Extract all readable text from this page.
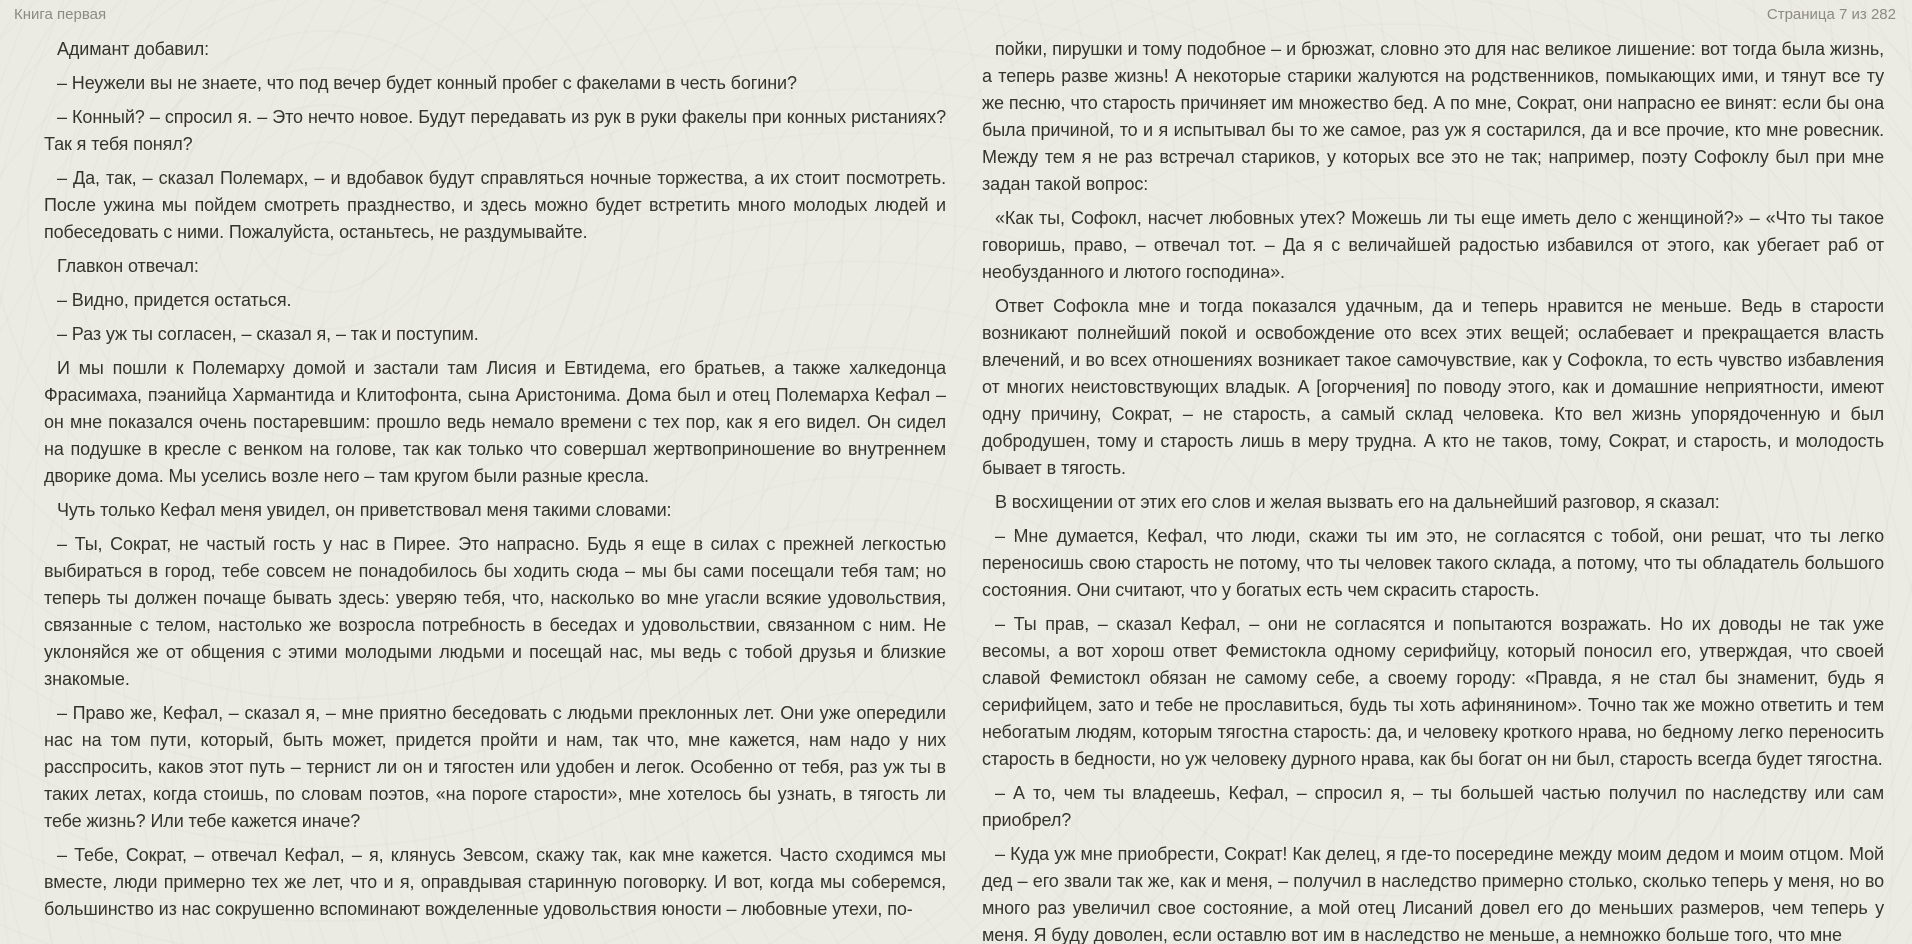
Книга первая	Страница 7 из 282

Адимант добавил:

– Неужели вы не знаете, что под вечер будет конный пробег с факелами в честь богини?

– Конный? – спросил я. – Это нечто новое. Будут передавать из рук в руки факелы при конных ристаниях? Так я тебя понял?

– Да, так, – сказал Полемарх, – и вдобавок будут справляться ночные торжества, а их стоит посмотреть. После ужина мы пойдем смотреть празднество, и здесь можно будет встретить много молодых людей и побеседовать с ними. Пожалуйста, останьтесь, не раздумывайте.

Главкон отвечал:

– Видно, придется остаться.

– Раз уж ты согласен, – сказал я, – так и поступим.

И мы пошли к Полемарху домой и застали там Лисия и Евтидема, его братьев, а также халкедонца Фрасимаха, пэанийца Хармантида и Клитофонта, сына Аристонима. Дома был и отец Полемарха Кефал – он мне показался очень постаревшим: прошло ведь немало времени с тех пор, как я его видел. Он сидел на подушке в кресле с венком на голове, так как только что совершал жертвоприношение во внутреннем дворике дома. Мы уселись возле него – там кругом были разные кресла.

Чуть только Кефал меня увидел, он приветствовал меня такими словами:

– Ты, Сократ, не частый гость у нас в Пирее. Это напрасно. Будь я еще в силах с прежней легкостью выбираться в город, тебе совсем не понадобилось бы ходить сюда – мы бы сами посещали тебя там; но теперь ты должен почаще бывать здесь: уверяю тебя, что, насколько во мне угасли всякие удовольствия, связанные с телом, настолько же возросла потребность в беседах и удовольствии, связанном с ним. Не уклоняйся же от общения с этими молодыми людьми и посещай нас, мы ведь с тобой друзья и близкие знакомые.

– Право же, Кефал, – сказал я, – мне приятно беседовать с людьми преклонных лет. Они уже опередили нас на том пути, который, быть может, придется пройти и нам, так что, мне кажется, нам надо у них расспросить, каков этот путь – тернист ли он и тягостен или удобен и легок. Особенно от тебя, раз уж ты в таких летах, когда стоишь, по словам поэтов, «на пороге старости», мне хотелось бы узнать, в тягость ли тебе жизнь? Или тебе кажется иначе?

– Тебе, Сократ, – отвечал Кефал, – я, клянусь Зевсом, скажу так, как мне кажется. Часто сходимся мы вместе, люди примерно тех же лет, что и я, оправдывая старинную поговорку. И вот, когда мы соберемся, большинство из нас сокрушенно вспоминают вожделенные удовольствия юности – любовные утехи, по-

пойки, пирушки и тому подобное – и брюзжат, словно это для нас великое лишение: вот тогда была жизнь, а теперь разве жизнь! А некоторые старики жалуются на родственников, помыкающих ими, и тянут все ту же песню, что старость причиняет им множество бед. А по мне, Сократ, они напрасно ее винят: если бы она была причиной, то и я испытывал бы то же самое, раз уж я состарился, да и все прочие, кто мне ровесник. Между тем я не раз встречал стариков, у которых все это не так; например, поэту Софоклу был при мне задан такой вопрос:

«Как ты, Софокл, насчет любовных утех? Можешь ли ты еще иметь дело с женщиной?» – «Что ты такое говоришь, право, – отвечал тот. – Да я с величайшей радостью избавился от этого, как убегает раб от необузданного и лютого господина».

Ответ Софокла мне и тогда показался удачным, да и теперь нравится не меньше. Ведь в старости возникают полнейший покой и освобождение ото всех этих вещей; ослабевает и прекращается власть влечений, и во всех отношениях возникает такое самочувствие, как у Софокла, то есть чувство избавления от многих неистовствующих владык. А [огорчения] по поводу этого, как и домашние неприятности, имеют одну причину, Сократ, – не старость, а самый склад человека. Кто вел жизнь упорядоченную и был добродушен, тому и старость лишь в меру трудна. А кто не таков, тому, Сократ, и старость, и молодость бывает в тягость.

В восхищении от этих его слов и желая вызвать его на дальнейший разговор, я сказал:

– Мне думается, Кефал, что люди, скажи ты им это, не согласятся с тобой, они решат, что ты легко переносишь свою старость не потому, что ты человек такого склада, а потому, что ты обладатель большого состояния. Они считают, что у богатых есть чем скрасить старость.

– Ты прав, – сказал Кефал, – они не согласятся и попытаются возражать. Но их доводы не так уже весомы, а вот хорош ответ Фемистокла одному серифийцу, который поносил его, утверждая, что своей славой Фемистокл обязан не самому себе, а своему городу: «Правда, я не стал бы знаменит, будь я серифийцем, зато и тебе не прославиться, будь ты хоть афинянином». Точно так же можно ответить и тем небогатым людям, которым тягостна старость: да, и человеку кроткого нрава, но бедному легко переносить старость в бедности, но уж человеку дурного нрава, как бы богат он ни был, старость всегда будет тягостна.

– А то, чем ты владеешь, Кефал, – спросил я, – ты большей частью получил по наследству или сам приобрел?

– Куда уж мне приобрести, Сократ! Как делец, я где-то посередине между моим дедом и моим отцом. Мой дед – его звали так же, как и меня, – получил в наследство примерно столько, сколько теперь у меня, но во много раз увеличил свое состояние, а мой отец Лисаний довел его до меньших размеров, чем теперь у меня. Я буду доволен, если оставлю вот им в наследство не меньше, а немножко больше того, что мне
